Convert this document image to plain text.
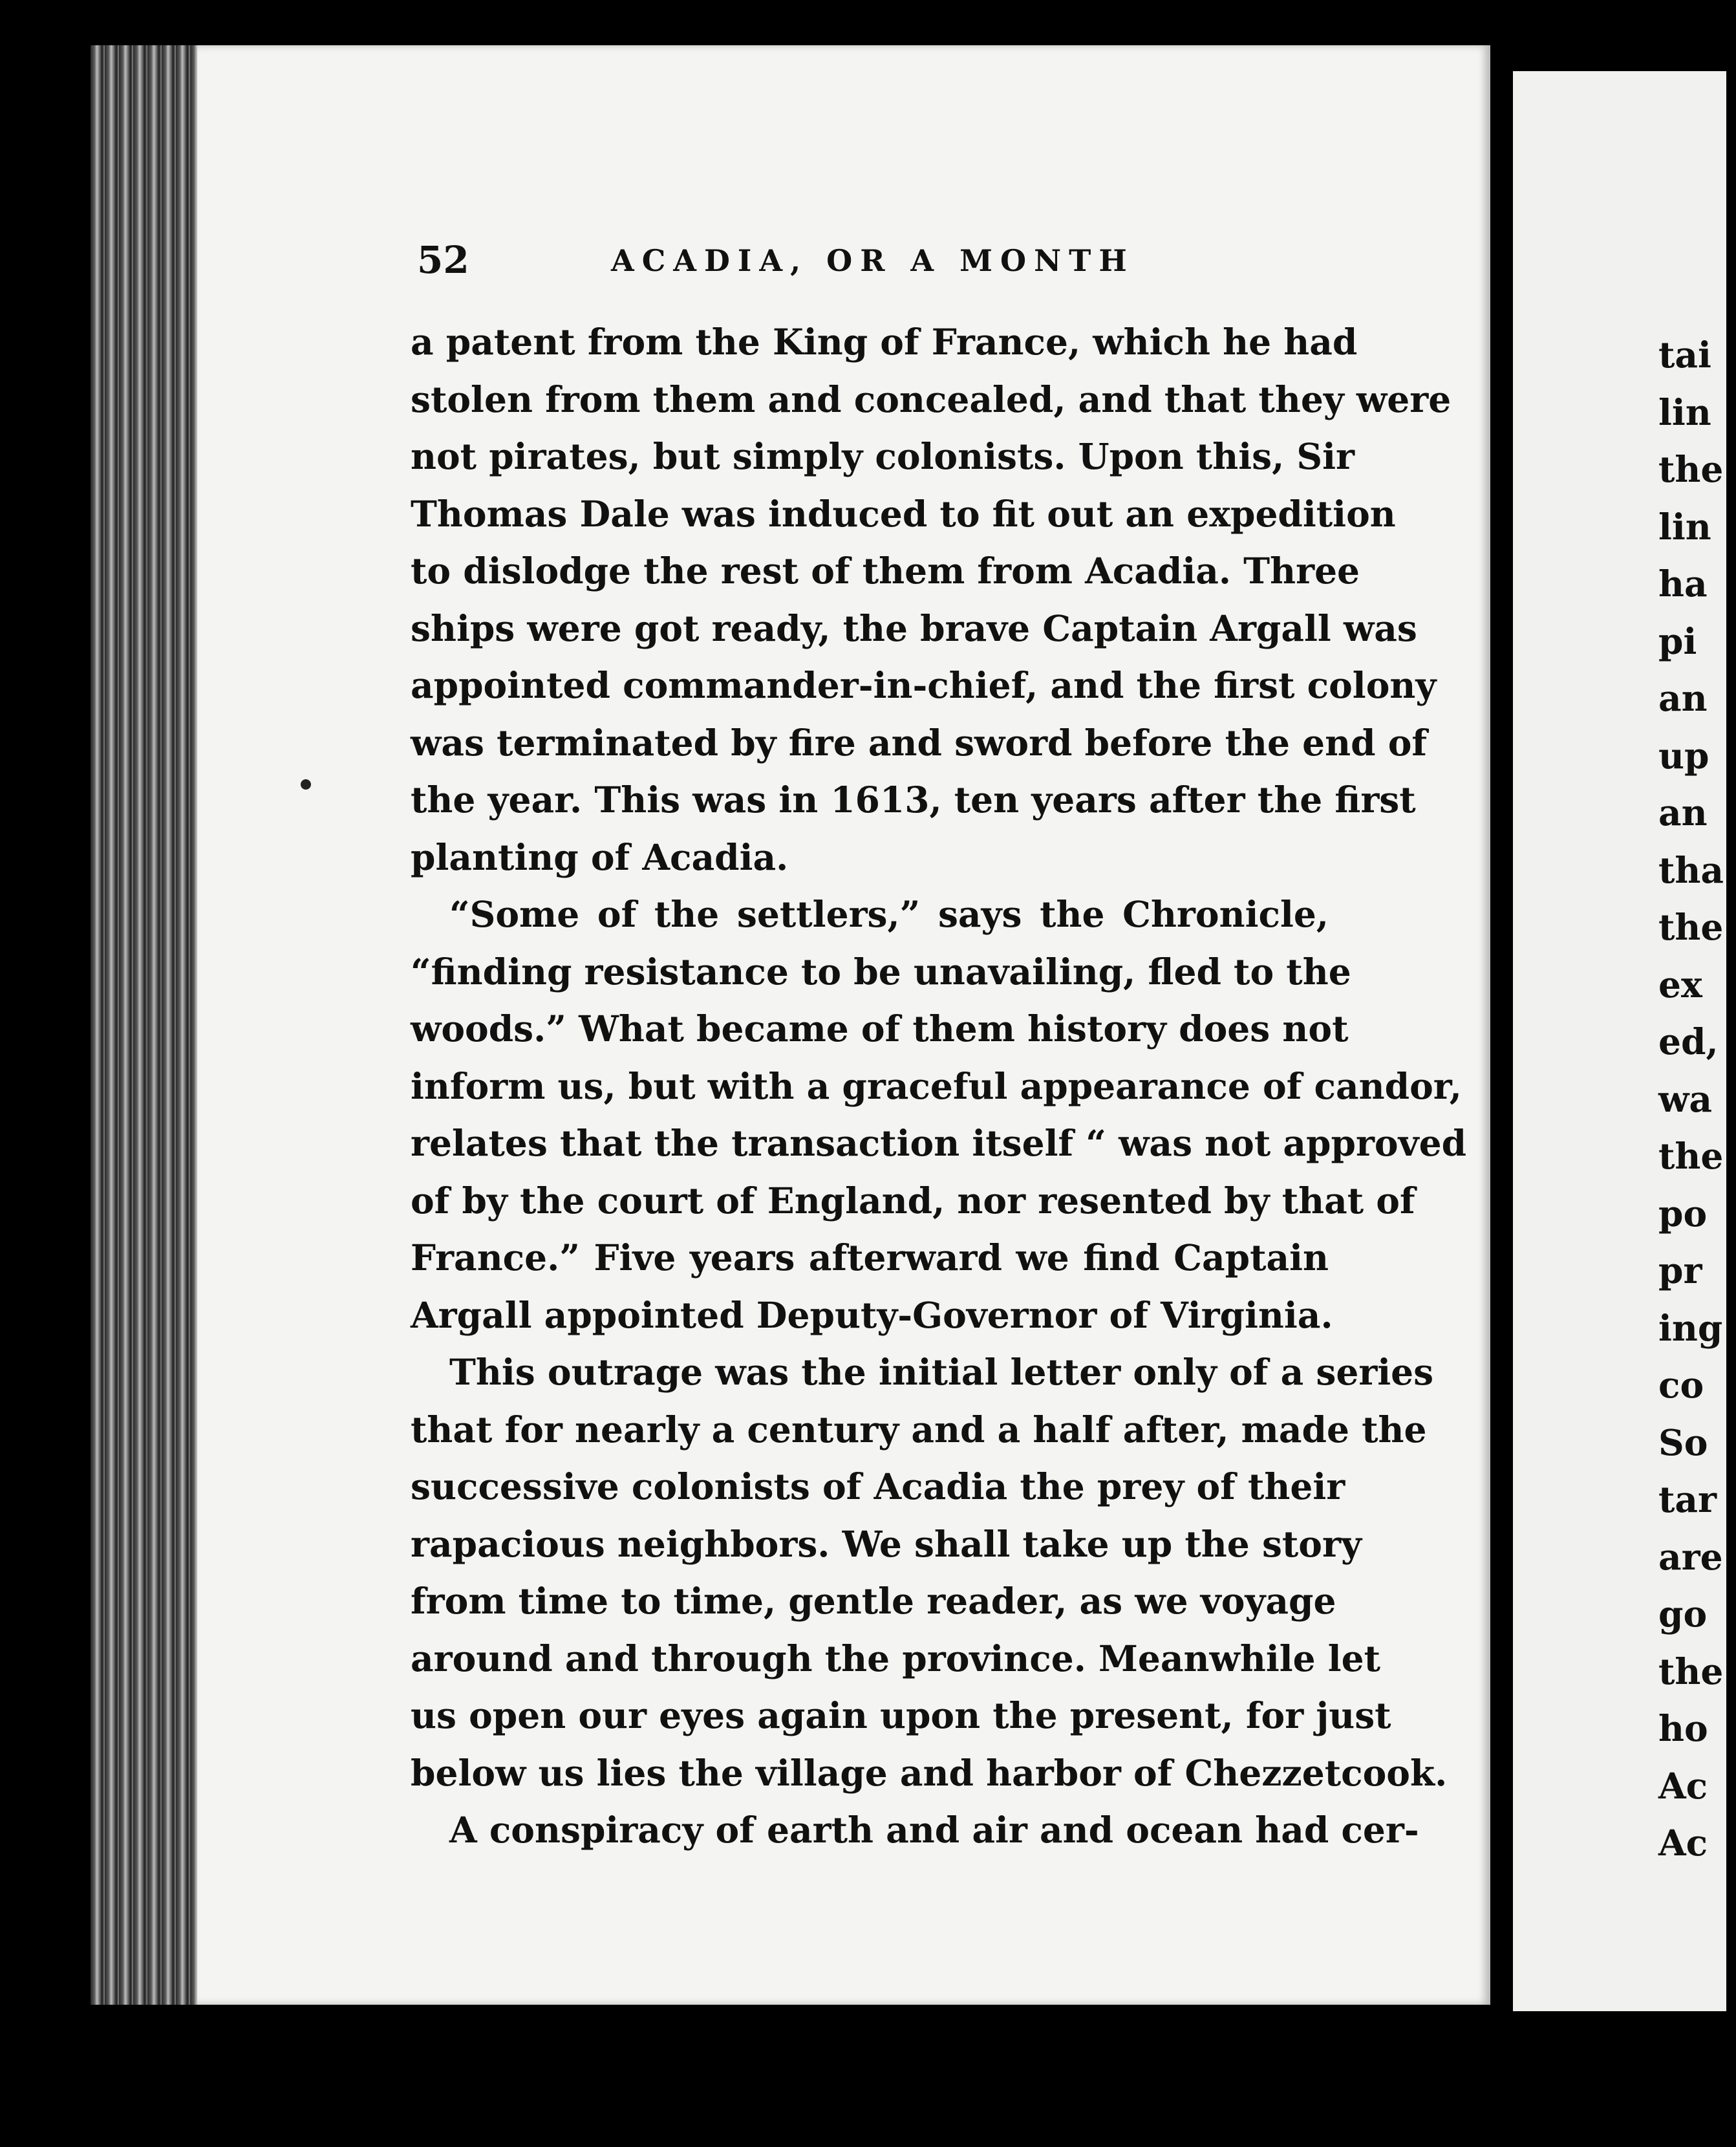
52	ACADIA, OR A MONTH
a patent from the King of France, which he had
stolen from them and concealed, and that they were
not pirates, but simply colonists. Upon this, Sir
Thomas Dale was induced to fit out an expedition
to dislodge the rest of them from Acadia. Three
ships were got ready, the brave Captain Argall was
appointed commander-in-chief, and the first colony
was terminated by fire and sword before the end of
the year. This was in 1613, ten years after the first
planting of Acadia.
“Some of the settlers,” says the Chronicle,
“finding resistance to be unavailing, fled to the
woods.” What became of them history does not
inform us, but with a graceful appearance of candor,
relates that the transaction itself “ was not approved
of by the court of England, nor resented by that of
France.” Five years afterward we find Captain
Argall appointed Deputy-Governor of Virginia.
This outrage was the initial letter only of a series
that for nearly a century and a half after, made the
successive colonists of Acadia the prey of their
rapacious neighbors. We shall take up the story
from time to time, gentle reader, as we voyage
around and through the province. Meanwhile let
us open our eyes again upon the present, for just
below us lies the village and harbor of Chezzetcook.
A conspiracy of earth and air and ocean had cer-
tai
lin
the
lin
ha
pi
an
up
an
tha
the
ex
ed,
wa
the
po
pr
ing
co
So
tar
are
go
the
ho
Ac
Ac
